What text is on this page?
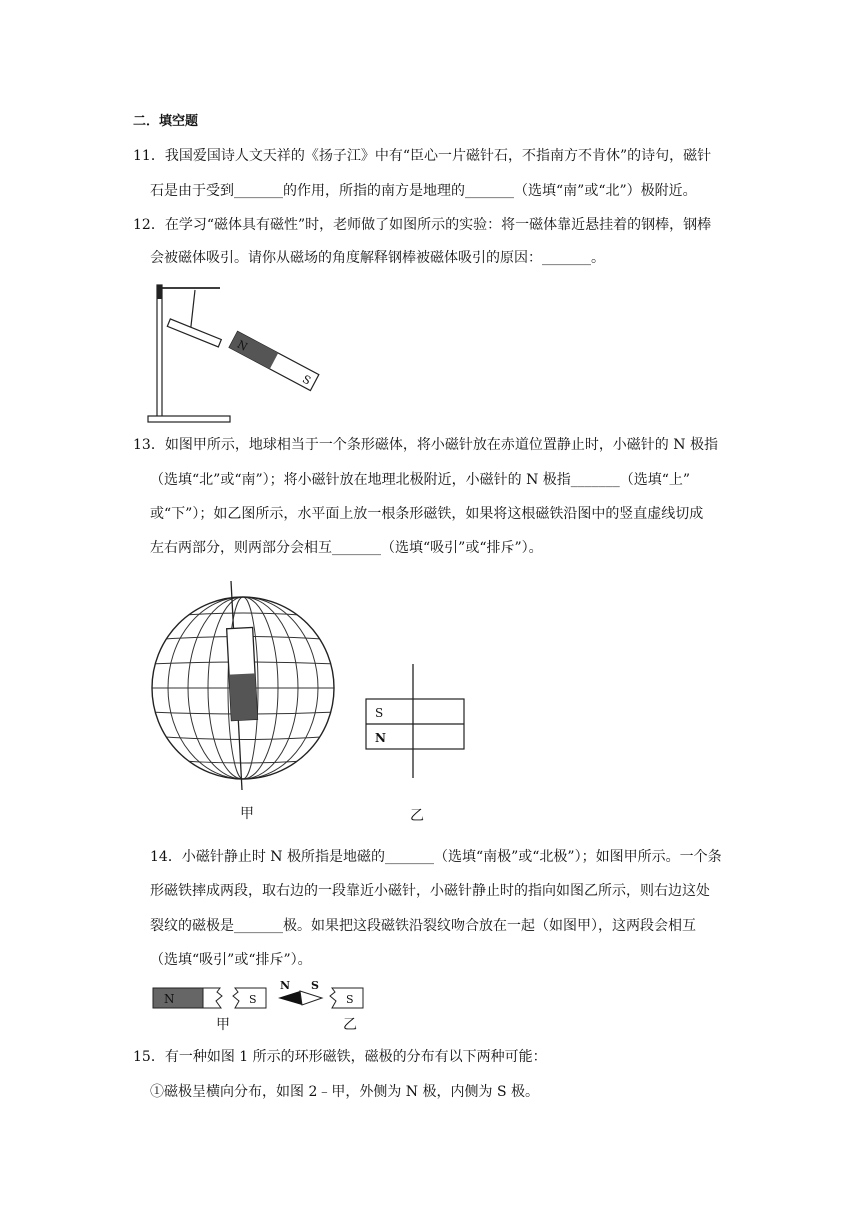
二．填空题
11．我国爱国诗人文天祥的《扬子江》中有“臣心一片磁针石，不指南方不肯休”的诗句，磁针
石是由于受到_______的作用，所指的南方是地理的_______（选填“南”或“北”）极附近。
12．在学习“磁体具有磁性”时，老师做了如图所示的实验：将一磁体靠近悬挂着的钢棒，钢棒
会被磁体吸引。请你从磁场的角度解释钢棒被磁体吸引的原因：_______。
N
S
13．如图甲所示，地球相当于一个条形磁体，将小磁针放在赤道位置静止时，小磁针的 N 极指
（选填“北”或“南”）；将小磁针放在地理北极附近，小磁针的 N 极指_______（选填“上”
或“下”）；如乙图所示，水平面上放一根条形磁铁，如果将这根磁铁沿图中的竖直虚线切成
左右两部分，则两部分会相互_______（选填“吸引”或“排斥”）。
甲
S
N
乙
14．小磁针静止时 N 极所指是地磁的_______（选填“南极”或“北极”）；如图甲所示。一个条
形磁铁摔成两段，取右边的一段靠近小磁针，小磁针静止时的指向如图乙所示，则右边这处
裂纹的磁极是_______极。如果把这段磁铁沿裂纹吻合放在一起（如图甲），这两段会相互
（选填“吸引”或“排斥”）。
N	S
N S
S
甲	乙
15．有一种如图 1 所示的环形磁铁，磁极的分布有以下两种可能：
①磁极呈横向分布，如图 2﹣甲，外侧为 N 极，内侧为 S 极。
